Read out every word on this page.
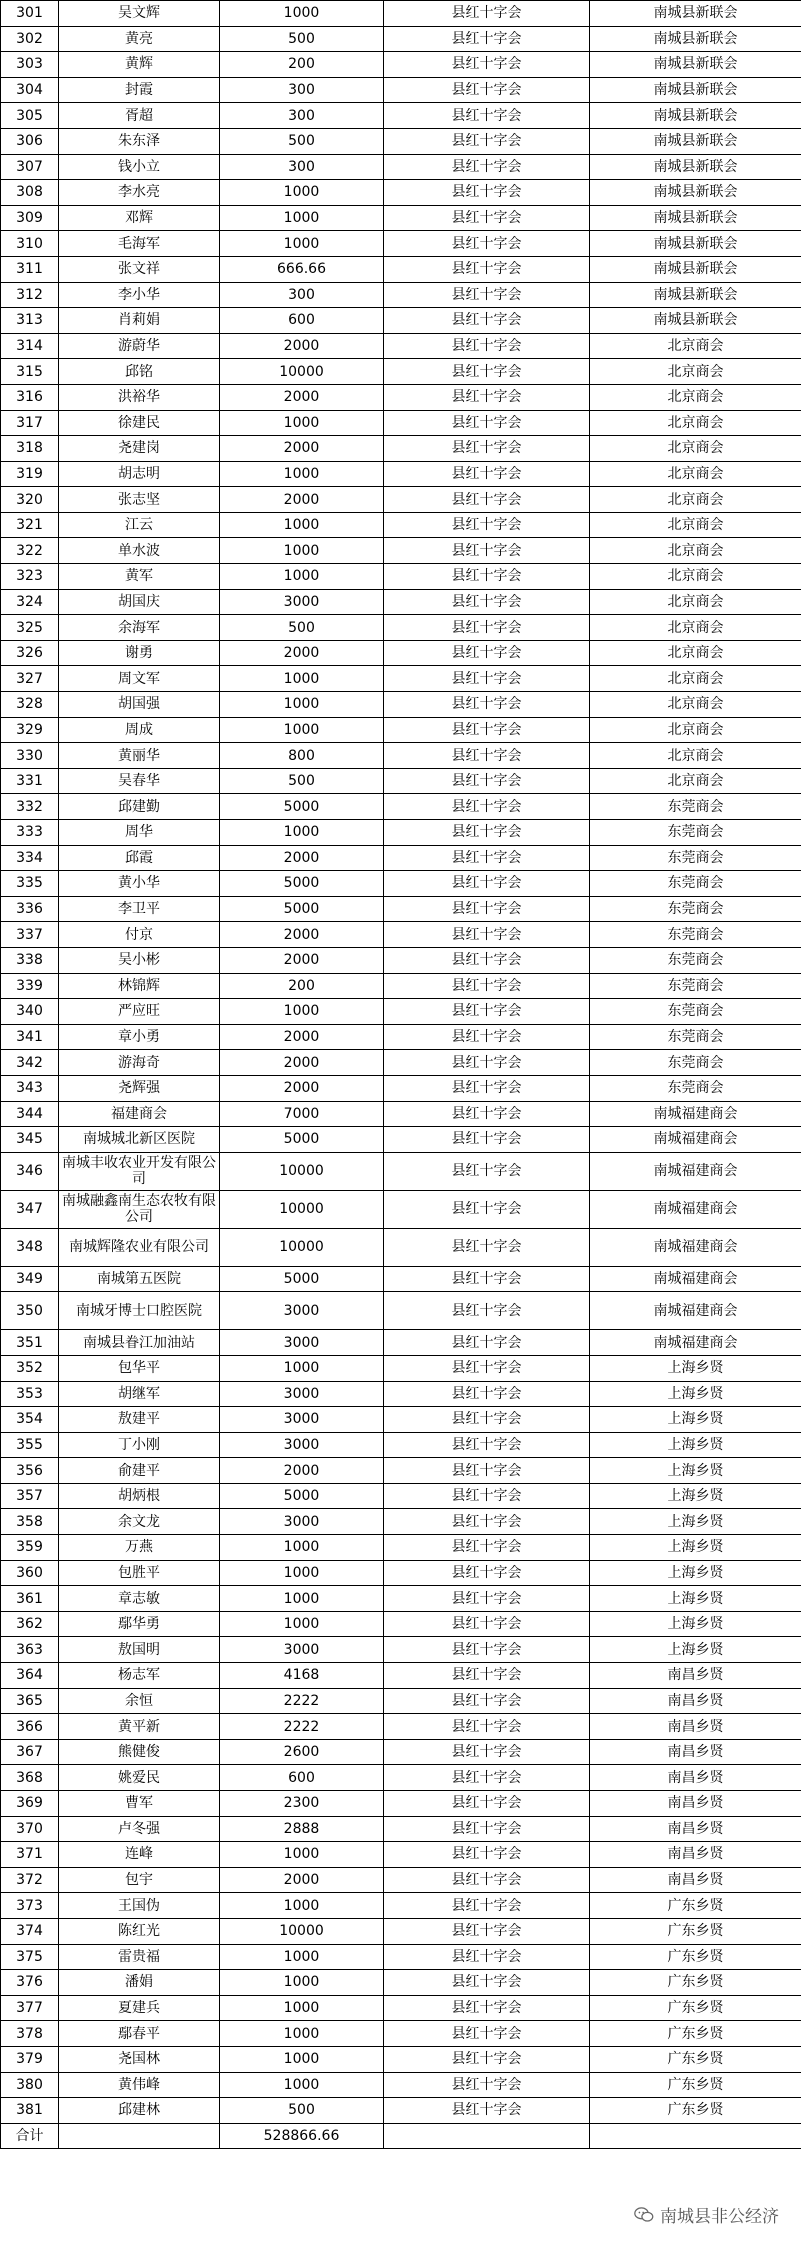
301	吴文辉	1000	县红十字会	南城县新联会
302	黄亮	500	县红十字会	南城县新联会
303	黄辉	200	县红十字会	南城县新联会
304	封霞	300	县红十字会	南城县新联会
305	胥超	300	县红十字会	南城县新联会
306	朱东泽	500	县红十字会	南城县新联会
307	钱小立	300	县红十字会	南城县新联会
308	李水亮	1000	县红十字会	南城县新联会
309	邓辉	1000	县红十字会	南城县新联会
310	毛海军	1000	县红十字会	南城县新联会
311	张文祥	666.66	县红十字会	南城县新联会
312	李小华	300	县红十字会	南城县新联会
313	肖莉娟	600	县红十字会	南城县新联会
314	游蔚华	2000	县红十字会	北京商会
315	邱铭	10000	县红十字会	北京商会
316	洪裕华	2000	县红十字会	北京商会
317	徐建民	1000	县红十字会	北京商会
318	尧建岗	2000	县红十字会	北京商会
319	胡志明	1000	县红十字会	北京商会
320	张志坚	2000	县红十字会	北京商会
321	江云	1000	县红十字会	北京商会
322	单水波	1000	县红十字会	北京商会
323	黄军	1000	县红十字会	北京商会
324	胡国庆	3000	县红十字会	北京商会
325	余海军	500	县红十字会	北京商会
326	谢勇	2000	县红十字会	北京商会
327	周文军	1000	县红十字会	北京商会
328	胡国强	1000	县红十字会	北京商会
329	周成	1000	县红十字会	北京商会
330	黄丽华	800	县红十字会	北京商会
331	吴春华	500	县红十字会	北京商会
332	邱建勤	5000	县红十字会	东莞商会
333	周华	1000	县红十字会	东莞商会
334	邱霞	2000	县红十字会	东莞商会
335	黄小华	5000	县红十字会	东莞商会
336	李卫平	5000	县红十字会	东莞商会
337	付京	2000	县红十字会	东莞商会
338	吴小彬	2000	县红十字会	东莞商会
339	林锦辉	200	县红十字会	东莞商会
340	严应旺	1000	县红十字会	东莞商会
341	章小勇	2000	县红十字会	东莞商会
342	游海奇	2000	县红十字会	东莞商会
343	尧辉强	2000	县红十字会	东莞商会
344	福建商会	7000	县红十字会	南城福建商会
345	南城城北新区医院	5000	县红十字会	南城福建商会
346	南城丰收农业开发有限公司	10000	县红十字会	南城福建商会
347	南城融鑫南生态农牧有限公司	10000	县红十字会	南城福建商会
348	南城辉隆农业有限公司	10000	县红十字会	南城福建商会
349	南城第五医院	5000	县红十字会	南城福建商会
350	南城牙博士口腔医院	3000	县红十字会	南城福建商会
351	南城县眷江加油站	3000	县红十字会	南城福建商会
352	包华平	1000	县红十字会	上海乡贤
353	胡继军	3000	县红十字会	上海乡贤
354	敖建平	3000	县红十字会	上海乡贤
355	丁小刚	3000	县红十字会	上海乡贤
356	俞建平	2000	县红十字会	上海乡贤
357	胡炳根	5000	县红十字会	上海乡贤
358	余文龙	3000	县红十字会	上海乡贤
359	万燕	1000	县红十字会	上海乡贤
360	包胜平	1000	县红十字会	上海乡贤
361	章志敏	1000	县红十字会	上海乡贤
362	鄢华勇	1000	县红十字会	上海乡贤
363	敖国明	3000	县红十字会	上海乡贤
364	杨志军	4168	县红十字会	南昌乡贤
365	余恒	2222	县红十字会	南昌乡贤
366	黄平新	2222	县红十字会	南昌乡贤
367	熊健俊	2600	县红十字会	南昌乡贤
368	姚爱民	600	县红十字会	南昌乡贤
369	曹军	2300	县红十字会	南昌乡贤
370	卢冬强	2888	县红十字会	南昌乡贤
371	连峰	1000	县红十字会	南昌乡贤
372	包宇	2000	县红十字会	南昌乡贤
373	王国伪	1000	县红十字会	广东乡贤
374	陈红光	10000	县红十字会	广东乡贤
375	雷贵福	1000	县红十字会	广东乡贤
376	潘娟	1000	县红十字会	广东乡贤
377	夏建兵	1000	县红十字会	广东乡贤
378	鄢春平	1000	县红十字会	广东乡贤
379	尧国林	1000	县红十字会	广东乡贤
380	黄伟峰	1000	县红十字会	广东乡贤
381	邱建林	500	县红十字会	广东乡贤
合计		528866.66		
南城县非公经济
